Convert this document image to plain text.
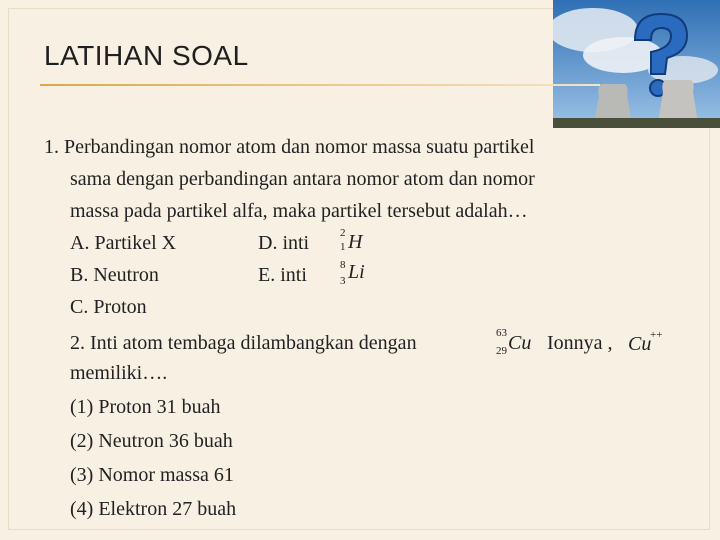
LATIHAN SOAL
1. Perbandingan nomor atom dan nomor massa suatu partikel
sama dengan perbandingan antara nomor atom dan nomor
massa pada partikel alfa, maka partikel tersebut adalah…
A. Partikel X	D. inti	2
1 H
B. Neutron	E. inti	8
3 Li
C. Proton
2. Inti atom tembaga dilambangkan dengan	63
29 Cu Ionnya , Cu
++
memiliki….
(1) Proton 31 buah
(2) Neutron 36 buah
(3) Nomor massa 61
(4) Elektron 27 buah
